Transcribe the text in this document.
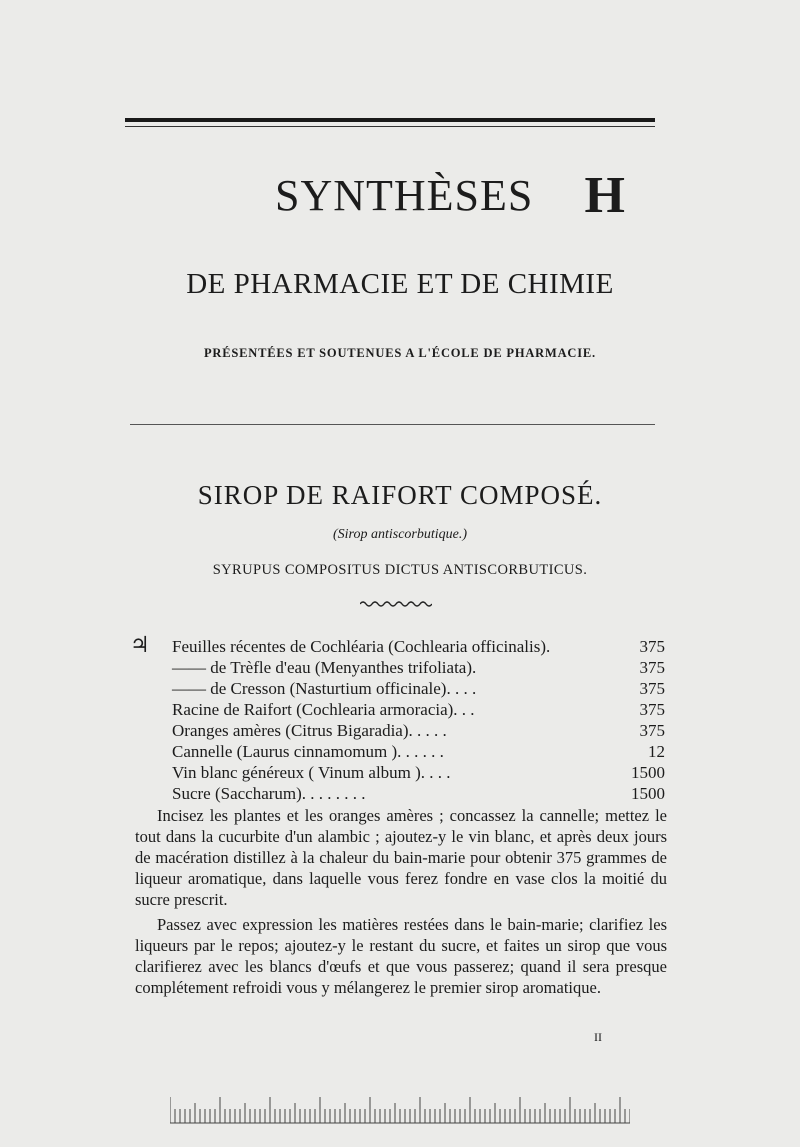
SYNTHÈSES H
DE PHARMACIE ET DE CHIMIE
PRÉSENTÉES ET SOUTENUES A L'ÉCOLE DE PHARMACIE.
SIROP DE RAIFORT COMPOSÉ.
(Sirop antiscorbutique.)
SYRUPUS COMPOSITUS DICTUS ANTISCORBUTICUS.
♃ Feuilles récentes de Cochléaria (Cochlearia officinalis).	375
—— de Trèfle d'eau (Menyanthes trifoliata).	375
—— de Cresson (Nasturtium officinale). . . .	375
Racine de Raifort (Cochlearia armoracia). . .	375
Oranges amères (Citrus Bigaradia). . . . .	375
Cannelle (Laurus cinnamomum ). . . . . .	12
Vin blanc généreux ( Vinum album ). . . .	1500
Sucre (Saccharum). . . . . . . .	1500

Incisez les plantes et les oranges amères ; concassez la cannelle; mettez le tout dans la cucurbite d'un alambic ; ajoutez-y le vin blanc, et après deux jours de macération distillez à la chaleur du bain-marie pour obtenir 375 grammes de liqueur aromatique, dans laquelle vous ferez fondre en vase clos la moitié du sucre prescrit.

Passez avec expression les matières restées dans le bain-marie; clarifiez les liqueurs par le repos; ajoutez-y le restant du sucre, et faites un sirop que vous clarifierez avec les blancs d'œufs et que vous passerez; quand il sera presque complétement refroidi vous y mélangerez le premier sirop aromatique.

II
